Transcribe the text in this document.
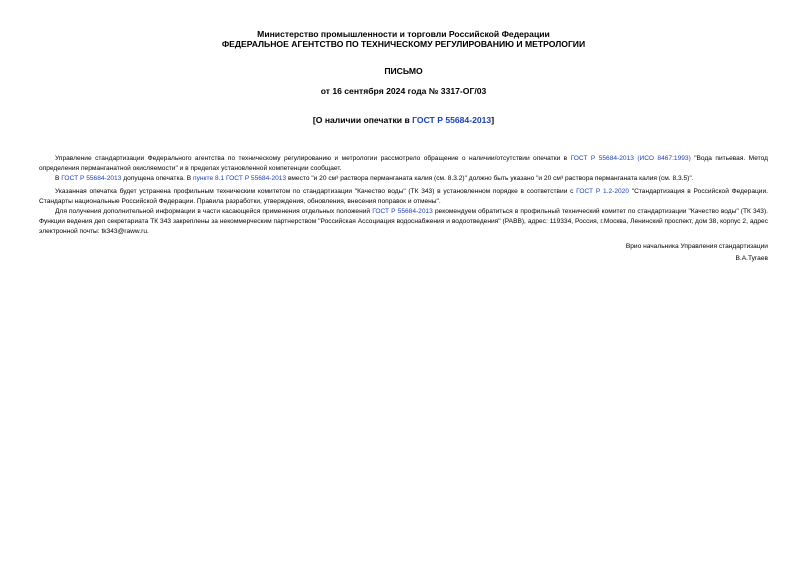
Министерство промышленности и торговли Российской Федерации
ФЕДЕРАЛЬНОЕ АГЕНТСТВО ПО ТЕХНИЧЕСКОМУ РЕГУЛИРОВАНИЮ И МЕТРОЛОГИИ
ПИСЬМО
от 16 сентября 2024 года № 3317-ОГ/03
[О наличии опечатки в ГОСТ Р 55684-2013]

Управление стандартизации Федерального агентства по техническому регулированию и метрологии рассмотрело обращение о наличии/отсутствии опечатки в ГОСТ Р 55684-2013 (ИСО 8467:1993) "Вода питьевая. Метод определения перманганатной окисляемости" и в пределах установленной компетенции сообщает.

В ГОСТ Р 55684-2013 допущена опечатка. В пункте 8.1 ГОСТ Р 55684-2013 вместо "и 20 см³ раствора перманганата калия (см. 8.3.2)" должно быть указано "и 20 см³ раствора перманганата калия (см. 8.3.5)".

Указанная опечатка будет устранена профильным техническим комитетом по стандартизации "Качество воды" (ТК 343) в установленном порядке в соответствии с ГОСТ Р 1.2-2020 "Стандартизация в Российской Федерации. Стандарты национальные Российской Федерации. Правила разработки, утверждения, обновления, внесения поправок и отмены".

Для получения дополнительной информации в части касающейся применения отдельных положений ГОСТ Р 55684-2013 рекомендуем обратиться в профильный технический комитет по стандартизации "Качество воды" (ТК 343). Функции ведения деп секретариата ТК 343 закреплены за некоммерческим партнерством "Российская Ассоциация водоснабжения и водоотведения" (РАВВ), адрес: 119334, Россия, г.Москва, Ленинский проспект, дом 38, корпус 2, адрес электронной почты: tk343@raww.ru.

Врио начальника Управления стандартизации
В.А.Тугаев
